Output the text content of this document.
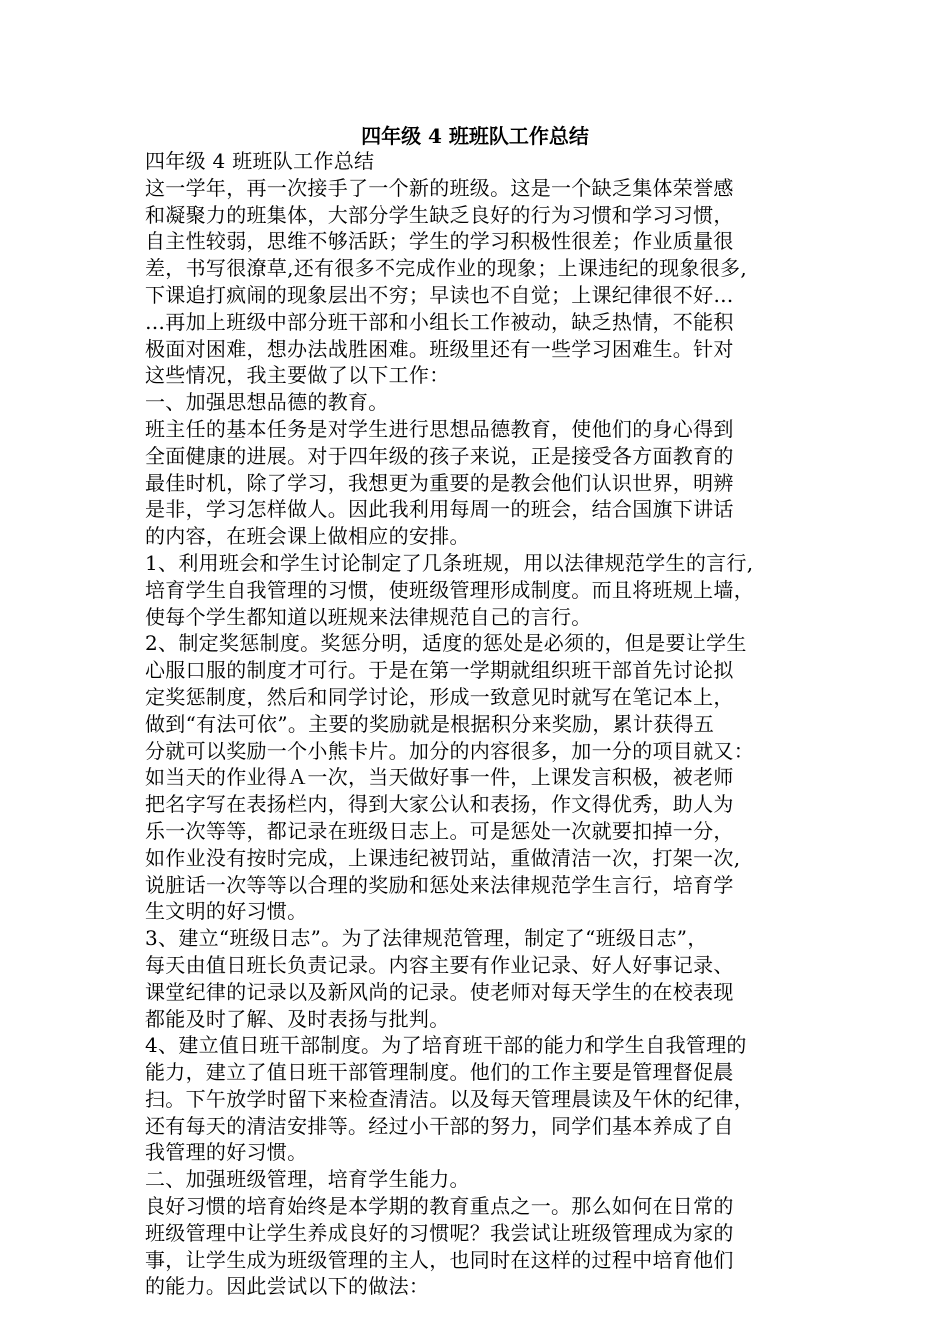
四年级 4 班班队工作总结
四年级 4 班班队工作总结
这一学年，再一次接手了一个新的班级。这是一个缺乏集体荣誉感
和凝聚力的班集体，大部分学生缺乏良好的行为习惯和学习习惯，
自主性较弱，思维不够活跃；学生的学习积极性很差；作业质量很
差，书写很潦草,还有很多不完成作业的现象；上课违纪的现象很多,
下课追打疯闹的现象层出不穷；早读也不自觉；上课纪律很不好…
…再加上班级中部分班干部和小组长工作被动，缺乏热情，不能积
极面对困难，想办法战胜困难。班级里还有一些学习困难生。针对
这些情况，我主要做了以下工作：
一、加强思想品德的教育。
班主任的基本任务是对学生进行思想品德教育，使他们的身心得到
全面健康的进展。对于四年级的孩子来说，正是接受各方面教育的
最佳时机，除了学习，我想更为重要的是教会他们认识世界，明辨
是非，学习怎样做人。因此我利用每周一的班会，结合国旗下讲话
的内容，在班会课上做相应的安排。
1、利用班会和学生讨论制定了几条班规，用以法律规范学生的言行,
培育学生自我管理的习惯，使班级管理形成制度。而且将班规上墙，
使每个学生都知道以班规来法律规范自己的言行。
2、制定奖惩制度。奖惩分明，适度的惩处是必须的，但是要让学生
心服口服的制度才可行。于是在第一学期就组织班干部首先讨论拟
定奖惩制度，然后和同学讨论，形成一致意见时就写在笔记本上，
做到“有法可依”。主要的奖励就是根据积分来奖励，累计获得五
分就可以奖励一个小熊卡片。加分的内容很多，加一分的项目就又：
如当天的作业得Ａ一次，当天做好事一件，上课发言积极，被老师
把名字写在表扬栏内，得到大家公认和表扬，作文得优秀，助人为
乐一次等等，都记录在班级日志上。可是惩处一次就要扣掉一分，
如作业没有按时完成，上课违纪被罚站，重做清洁一次，打架一次,
说脏话一次等等以合理的奖励和惩处来法律规范学生言行，培育学
生文明的好习惯。
3、建立“班级日志”。为了法律规范管理，制定了“班级日志”，
每天由值日班长负责记录。内容主要有作业记录、好人好事记录、
课堂纪律的记录以及新风尚的记录。使老师对每天学生的在校表现
都能及时了解、及时表扬与批判。
4、建立值日班干部制度。为了培育班干部的能力和学生自我管理的
能力，建立了值日班干部管理制度。他们的工作主要是管理督促晨
扫。下午放学时留下来检查清洁。以及每天管理晨读及午休的纪律，
还有每天的清洁安排等。经过小干部的努力，同学们基本养成了自
我管理的好习惯。
二、加强班级管理，培育学生能力。
良好习惯的培育始终是本学期的教育重点之一。那么如何在日常的
班级管理中让学生养成良好的习惯呢？我尝试让班级管理成为家的
事，让学生成为班级管理的主人，也同时在这样的过程中培育他们
的能力。因此尝试以下的做法：
